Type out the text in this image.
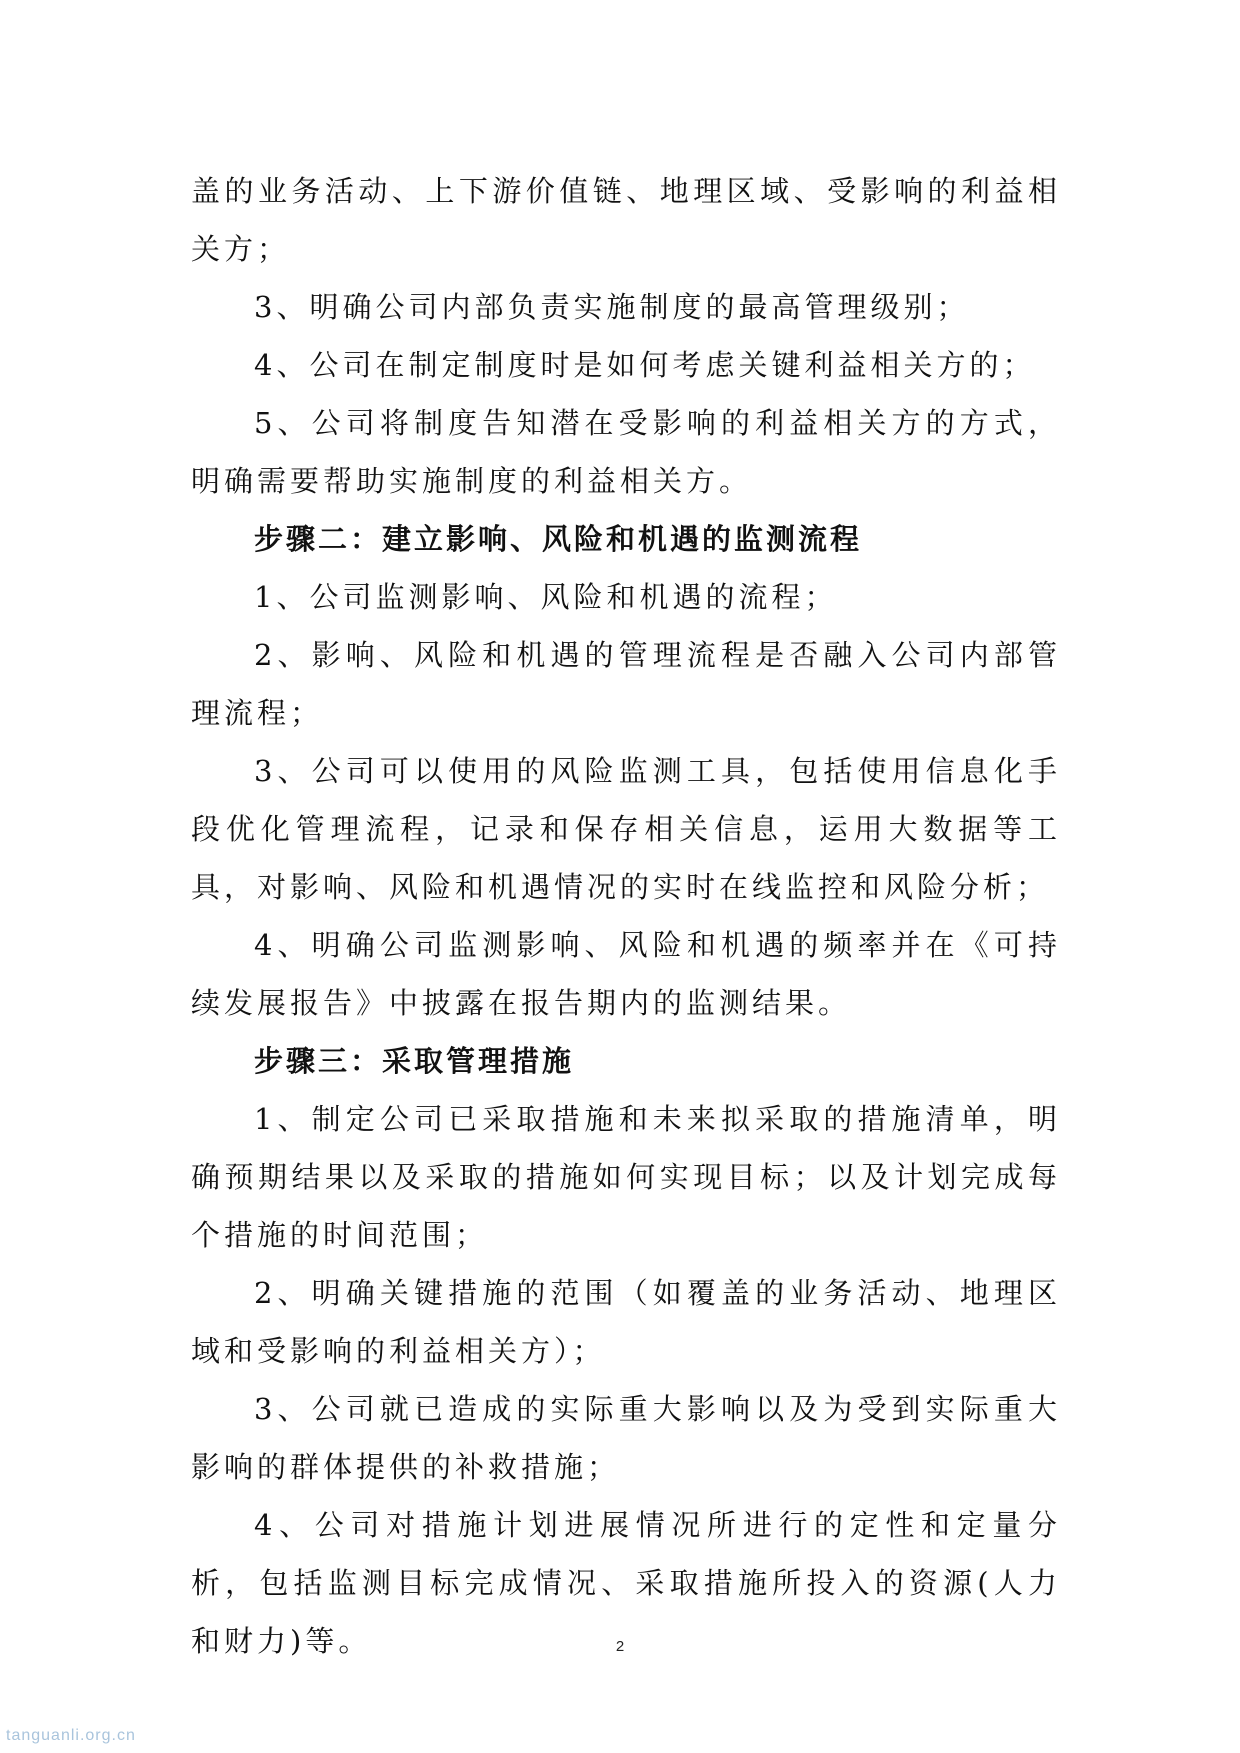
盖的业务活动、上下游价值链、地理区域、受影响的利益相关方；

3、明确公司内部负责实施制度的最高管理级别；

4、公司在制定制度时是如何考虑关键利益相关方的；

5、公司将制度告知潜在受影响的利益相关方的方式，明确需要帮助实施制度的利益相关方。

步骤二：建立影响、风险和机遇的监测流程

1、公司监测影响、风险和机遇的流程；

2、影响、风险和机遇的管理流程是否融入公司内部管理流程；

3、公司可以使用的风险监测工具，包括使用信息化手段优化管理流程，记录和保存相关信息，运用大数据等工具，对影响、风险和机遇情况的实时在线监控和风险分析；

4、明确公司监测影响、风险和机遇的频率并在《可持续发展报告》中披露在报告期内的监测结果。

步骤三：采取管理措施

1、制定公司已采取措施和未来拟采取的措施清单，明确预期结果以及采取的措施如何实现目标；以及计划完成每个措施的时间范围；

2、明确关键措施的范围（如覆盖的业务活动、地理区域和受影响的利益相关方）；

3、公司就已造成的实际重大影响以及为受到实际重大影响的群体提供的补救措施；

4、公司对措施计划进展情况所进行的定性和定量分析，包括监测目标完成情况、采取措施所投入的资源(人力和财力)等。	2
tanguanli.org.cn
